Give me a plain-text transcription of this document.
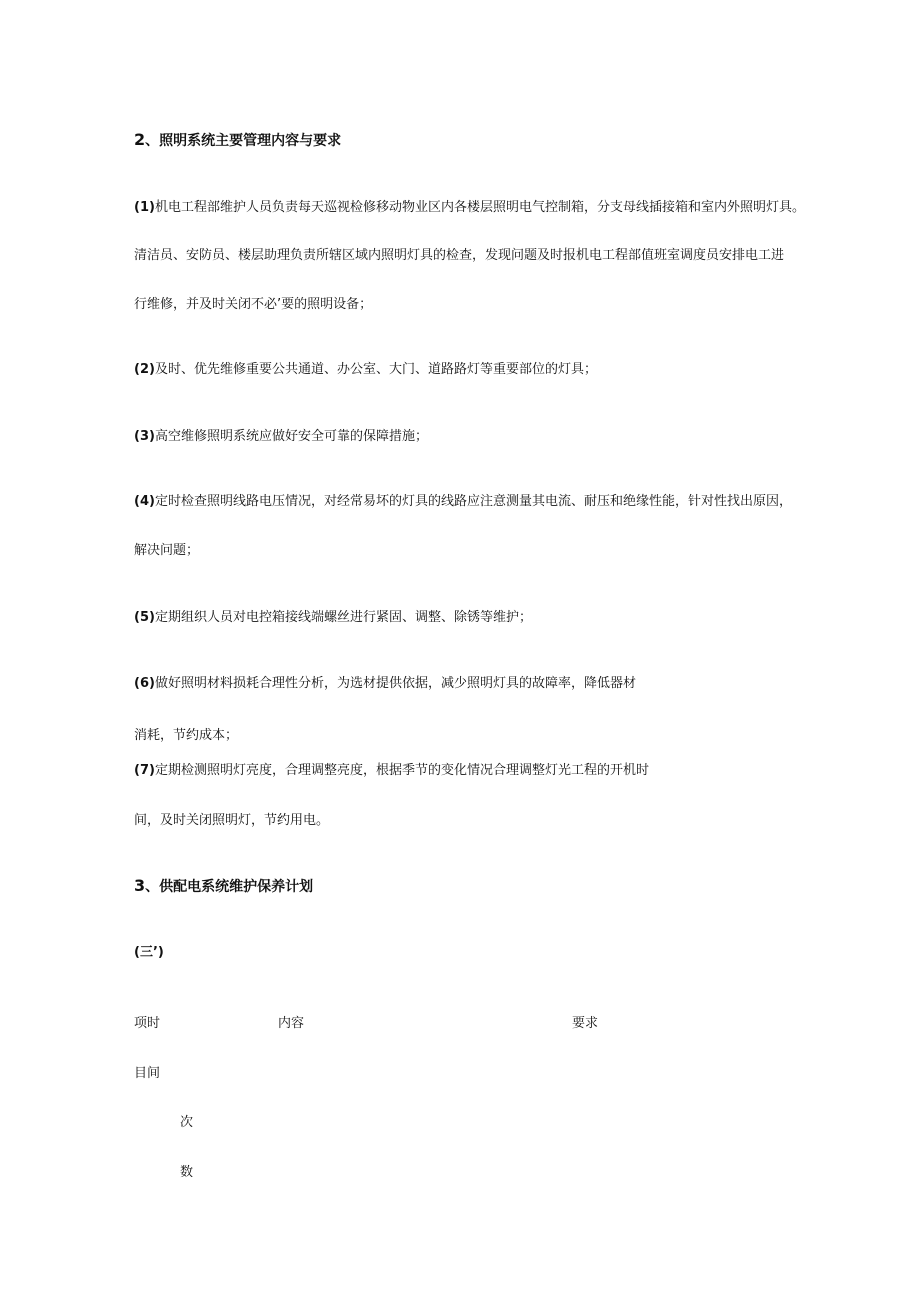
2、照明系统主要管理内容与要求
(1)机电工程部维护人员负责每天巡视检修移动物业区内各楼层照明电气控制箱，分支母线插接箱和室内外照明灯具。
清洁员、安防员、楼层助理负责所辖区域内照明灯具的检查，发现问题及时报机电工程部值班室调度员安排电工进
行维修，并及时关闭不必’要的照明设备；
(2)及时、优先维修重要公共通道、办公室、大门、道路路灯等重要部位的灯具；
(3)高空维修照明系统应做好安全可靠的保障措施；
(4)定时检查照明线路电压情况，对经常易坏的灯具的线路应注意测量其电流、耐压和绝缘性能，针对性找出原因，
解决问题；
(5)定期组织人员对电控箱接线端螺丝进行紧固、调整、除锈等维护；
(6)做好照明材料损耗合理性分析，为选材提供依据，减少照明灯具的故障率，降低器材
消耗，节约成本；
(7)定期检测照明灯亮度，合理调整亮度，根据季节的变化情况合理调整灯光工程的开机时
间，及时关闭照明灯，节约用电。
3、供配电系统维护保养计划
(三’)
项时	内容	要求
目间
次
数
